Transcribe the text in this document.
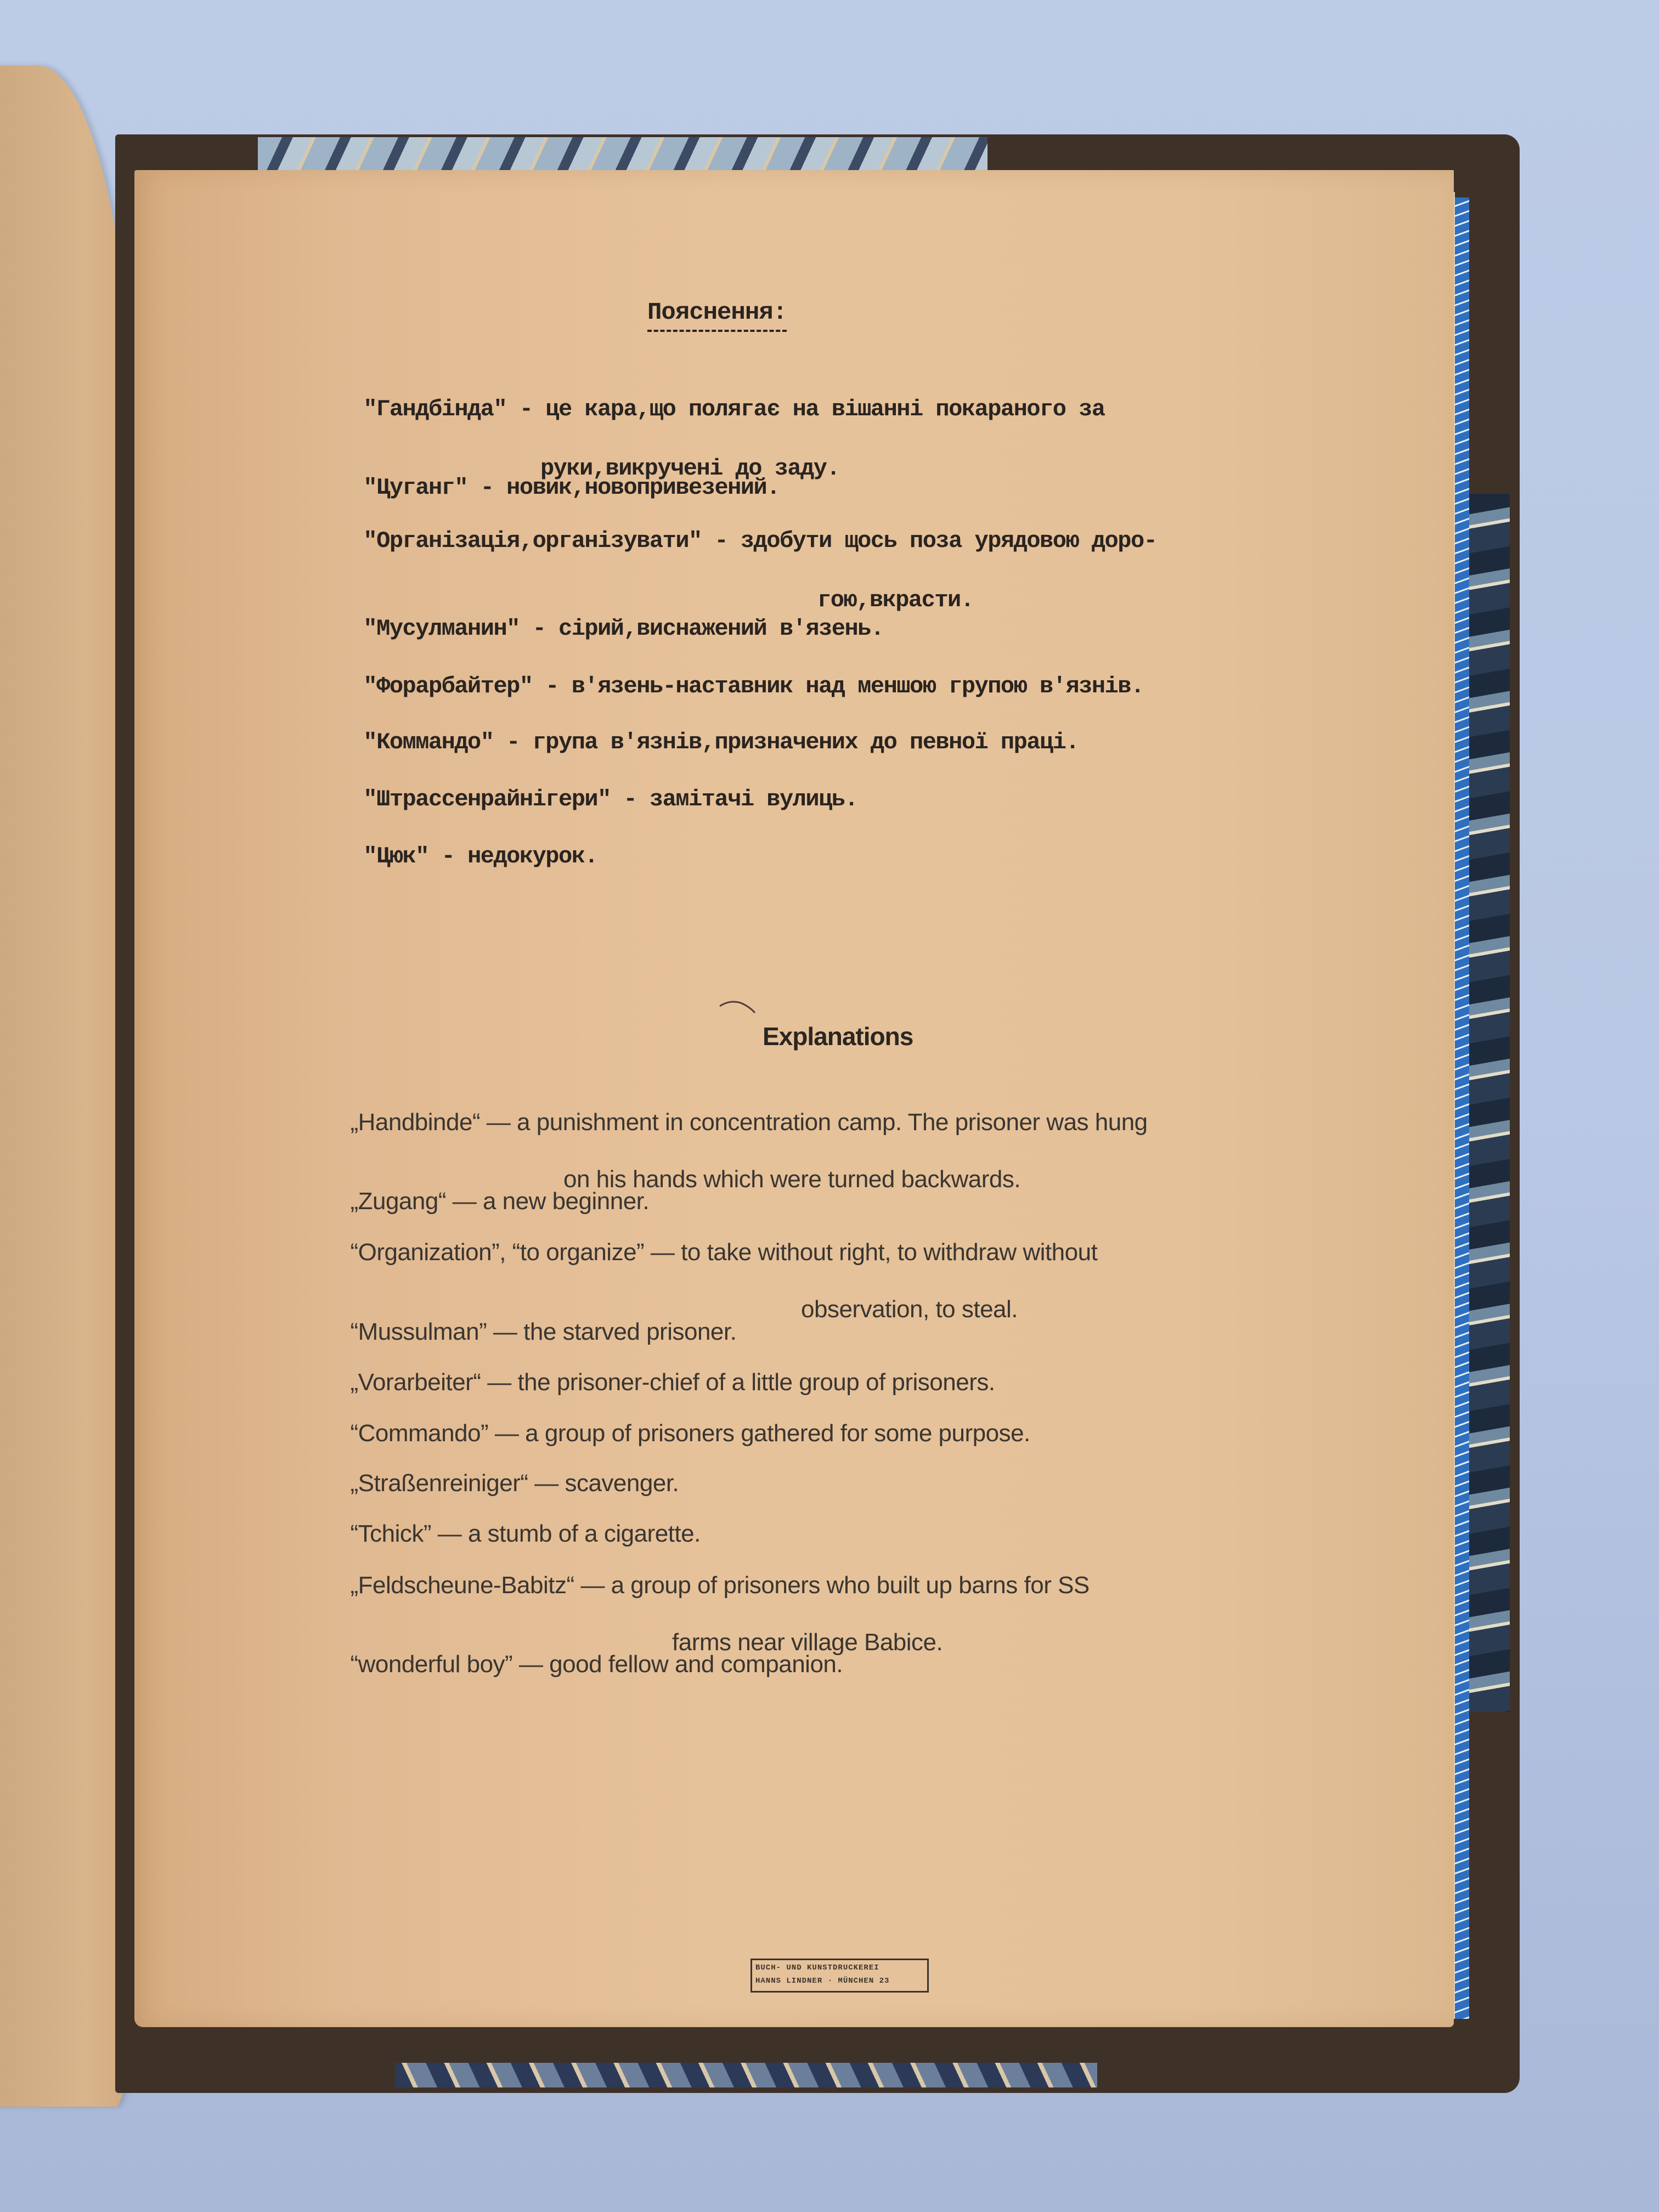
Пояснення:

"Гандбінда" - це кара,що полягає на вішанні покараного за

руки,викручені до заду.

"Цуганг" - новик,новопривезений.

"Організація,організувати" - здобути щось поза урядовою доро-

гою,вкрасти.

"Мусулманин" - сірий,виснажений в'язень.

"Форарбайтер" - в'язень-наставник над меншою групою в'язнів.

"Коммандо" - група в'язнів,призначених до певної праці.

"Штрассенрайнігери" - замітачі вулиць.

"Цюк" - недокурок.

Explanations

„Handbinde“ — a punishment in concentration camp. The prisoner was hung

on his hands which were turned backwards.

„Zugang“ — a new beginner.

“Organization”, “to organize” — to take without right, to withdraw without

observation, to steal.

“Mussulman” — the starved prisoner.

„Vorarbeiter“ — the prisoner-chief of a little group of prisoners.

“Commando” — a group of prisoners gathered for some purpose.

„Straßenreiniger“ — scavenger.

“Tchick” — a stumb of a cigarette.

„Feldscheune-Babitz“ — a group of prisoners who built up barns for SS

farms near village Babice.

“wonderful boy” — good fellow and companion.

BUCH- UND KUNSTDRUCKEREI
HANNS LINDNER · MÜNCHEN 23
